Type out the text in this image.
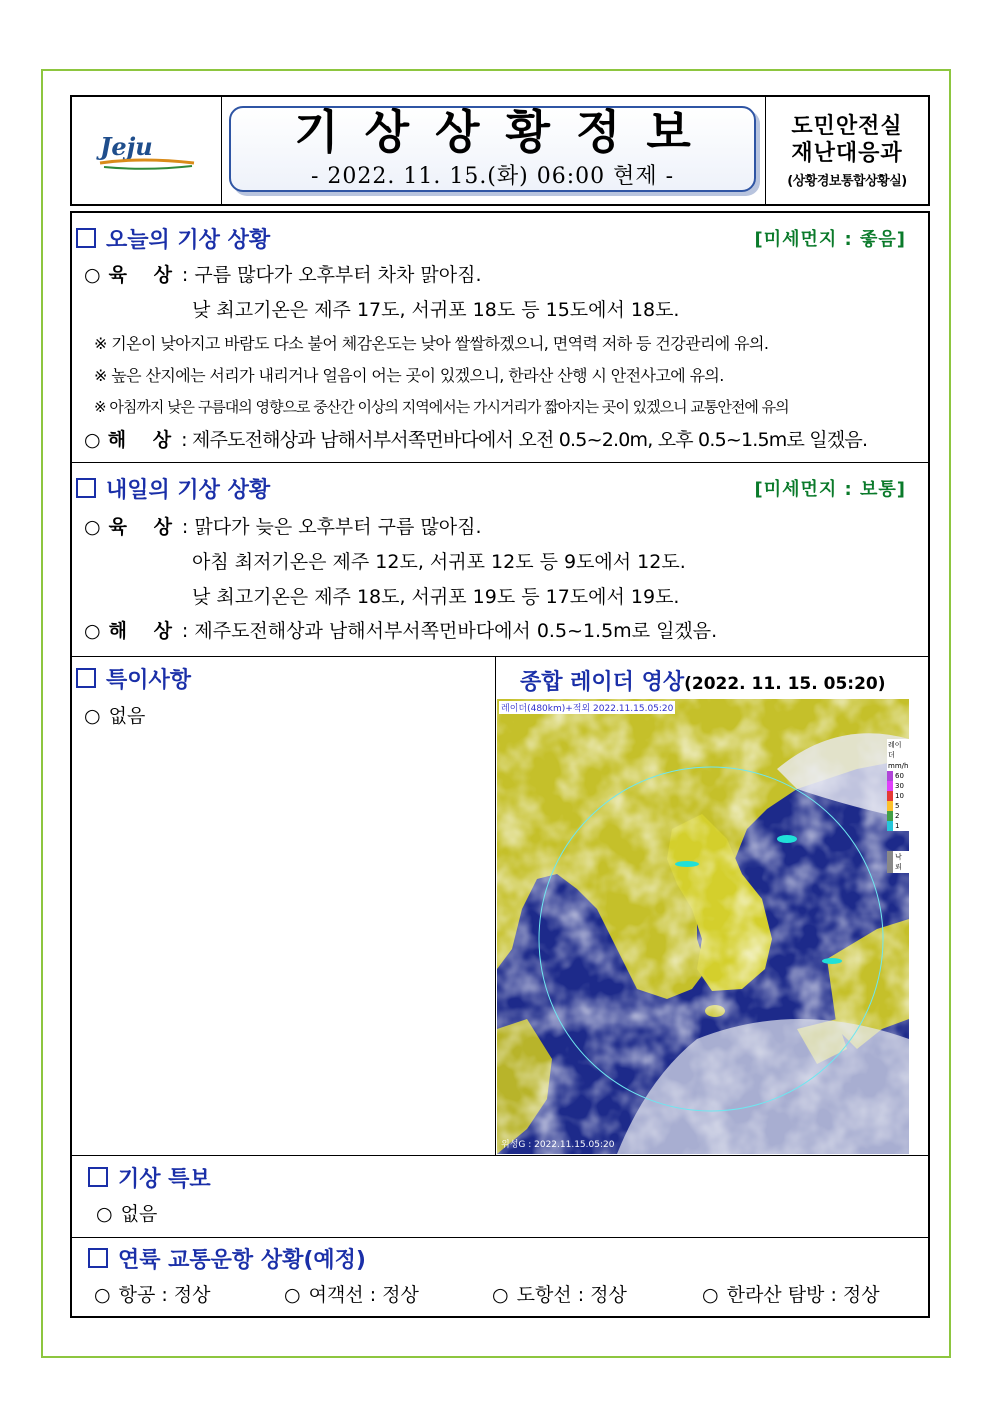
Jeju	기상상황정보
- 2022. 11. 15.(화) 06:00 현제 -
도민안전실
재난대응과
(상황경보통합상황실)
오늘의 기상 상황	[미세먼지 : 좋음]
○ 육 상: 구름 많다가 오후부터 차차 맑아짐.
낮 최고기온은 제주 17도, 서귀포 18도 등 15도에서 18도.
※ 기온이 낮아지고 바람도 다소 불어 체감온도는 낮아 쌀쌀하겠으니, 면역력 저하 등 건강관리에 유의.
※ 높은 산지에는 서리가 내리거나 얼음이 어는 곳이 있겠으니, 한라산 산행 시 안전사고에 유의.
※ 아침까지 낮은 구름대의 영향으로 중산간 이상의 지역에서는 가시거리가 짧아지는 곳이 있겠으니 교통안전에 유의
○ 해 상: 제주도전해상과 남해서부서쪽먼바다에서 오전 0.5~2.0m, 오후 0.5~1.5m로 일겠음.
내일의 기상 상황	[미세먼지 : 보통]
○ 육 상: 맑다가 늦은 오후부터 구름 많아짐.
아침 최저기온은 제주 12도, 서귀포 12도 등 9도에서 12도.
낮 최고기온은 제주 18도, 서귀포 19도 등 17도에서 19도.
○ 해 상: 제주도전해상과 남해서부서쪽먼바다에서 0.5~1.5m로 일겠음.
특이사항
○ 없음
종합 레이더 영상(2022. 11. 15. 05:20)
레이더(480km)+적외 2022.11.15.05:20
위성G : 2022.11.15.05:20
레이더
mm/h
60
30
10
5
2
1
낙뢰
기상 특보
○ 없음
연륙 교통운항 상황(예정)
○ 항공 : 정상	○ 여객선 : 정상	○ 도항선 : 정상	○ 한라산 탐방 : 정상
